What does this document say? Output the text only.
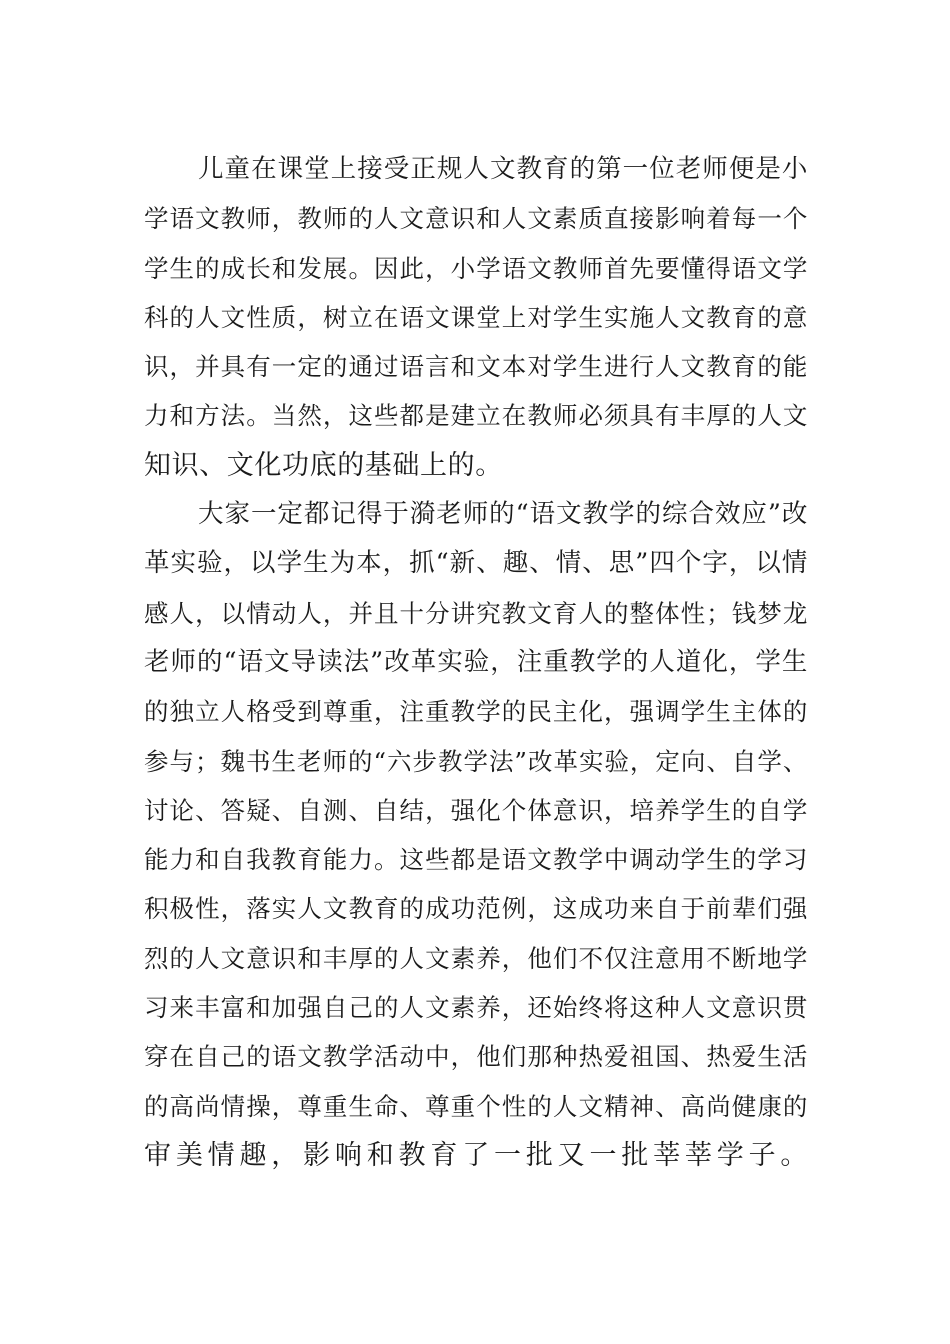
儿童在课堂上接受正规人文教育的第一位老师便是小
学语文教师，教师的人文意识和人文素质直接影响着每一个
学生的成长和发展。因此，小学语文教师首先要懂得语文学
科的人文性质，树立在语文课堂上对学生实施人文教育的意
识，并具有一定的通过语言和文本对学生进行人文教育的能
力和方法。当然，这些都是建立在教师必须具有丰厚的人文
知识、文化功底的基础上的。

大家一定都记得于漪老师的“语文教学的综合效应”改
革实验，以学生为本，抓“新、趣、情、思”四个字，以情
感人，以情动人，并且十分讲究教文育人的整体性；钱梦龙
老师的“语文导读法”改革实验，注重教学的人道化，学生
的独立人格受到尊重，注重教学的民主化，强调学生主体的
参与；魏书生老师的“六步教学法”改革实验，定向、自学、
讨论、答疑、自测、自结，强化个体意识，培养学生的自学
能力和自我教育能力。这些都是语文教学中调动学生的学习
积极性，落实人文教育的成功范例，这成功来自于前辈们强
烈的人文意识和丰厚的人文素养，他们不仅注意用不断地学
习来丰富和加强自己的人文素养，还始终将这种人文意识贯
穿在自己的语文教学活动中，他们那种热爱祖国、热爱生活
的高尚情操，尊重生命、尊重个性的人文精神、高尚健康的
审美情趣，影响和教育了一批又一批莘莘学子。
